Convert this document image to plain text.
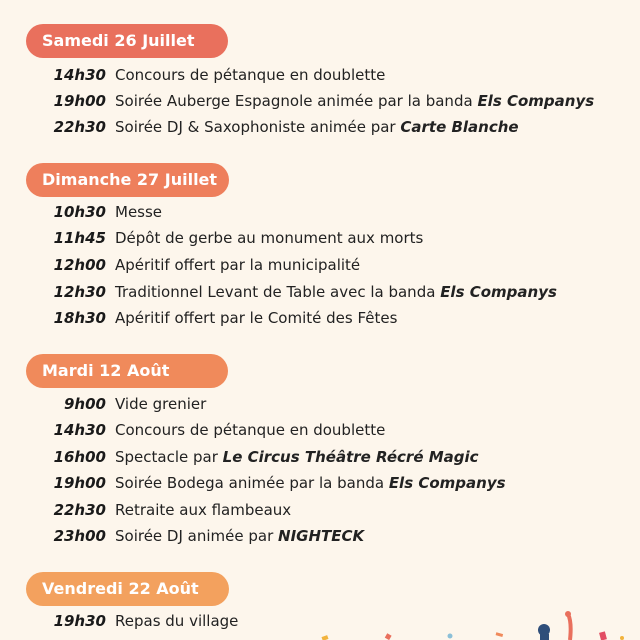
Samedi 26 Juillet
14h30 Concours de pétanque en doublette
19h00 Soirée Auberge Espagnole animée par la banda Els Companys
22h30 Soirée DJ & Saxophoniste animée par Carte Blanche
Dimanche 27 Juillet
10h30 Messe
11h45 Dépôt de gerbe au monument aux morts
12h00 Apéritif offert par la municipalité
12h30 Traditionnel Levant de Table avec la banda Els Companys
18h30 Apéritif offert par le Comité des Fêtes
Mardi 12 Août
9h00 Vide grenier
14h30 Concours de pétanque en doublette
16h00 Spectacle par Le Circus Théâtre Récré Magic
19h00 Soirée Bodega animée par la banda Els Companys
22h30 Retraite aux flambeaux
23h00 Soirée DJ animée par NIGHTECK
Vendredi 22 Août
19h30 Repas du village
